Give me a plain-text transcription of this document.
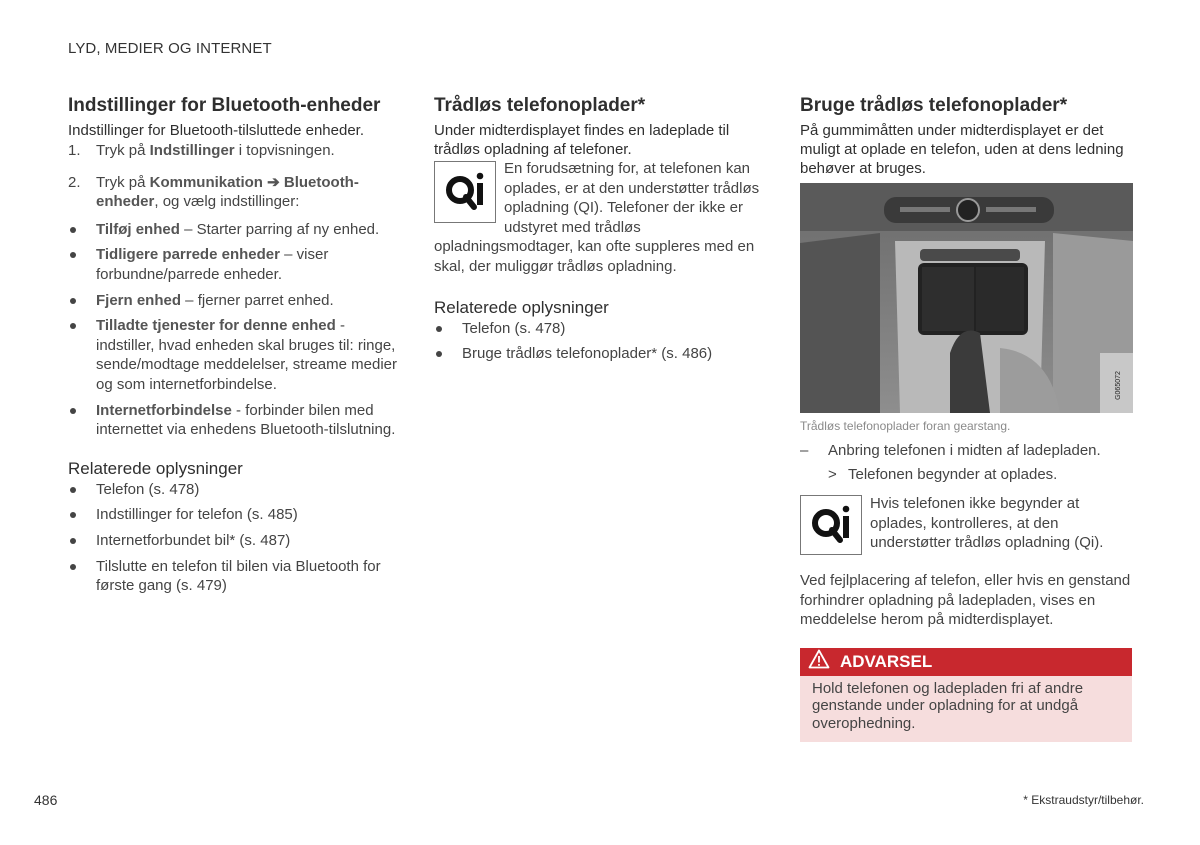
LYD, MEDIER OG INTERNET
Indstillinger for Bluetooth-enheder

Indstillinger for Bluetooth-tilsluttede enheder.

1. Tryk på Indstillinger i topvisningen.
2. Tryk på Kommunikation ➔ Bluetooth-enheder, og vælg indstillinger:
Tilføj enhed – Starter parring af ny enhed.
Tidligere parrede enheder – viser forbundne/parrede enheder.
Fjern enhed – fjerner parret enhed.
Tilladte tjenester for denne enhed - indstiller, hvad enheden skal bruges til: ringe, sende/modtage meddelelser, streame medier og som internetforbindelse.
Internetforbindelse - forbinder bilen med internettet via enhedens Bluetooth-tilslutning.
Relaterede oplysninger
Telefon (s. 478)
Indstillinger for telefon (s. 485)
Internetforbundet bil* (s. 487)
Tilslutte en telefon til bilen via Bluetooth for første gang (s. 479)
Trådløs telefonoplader*

Under midterdisplayet findes en ladeplade til trådløs opladning af telefoner.

En forudsætning for, at telefonen kan oplades, er at den understøtter trådløs opladning (QI). Telefoner der ikke er udstyret med trådløs opladningsmodtager, kan ofte suppleres med en skal, der muliggør trådløs opladning.

Relaterede oplysninger
Telefon (s. 478)
Bruge trådløs telefonoplader* (s. 486)
Bruge trådløs telefonoplader*

På gummimåtten under midterdisplayet er det muligt at oplade en telefon, uden at dens ledning behøver at bruges.

G065072
Trådløs telefonoplader foran gearstang.
– Anbring telefonen i midten af ladepladen.
> Telefonen begynder at oplades.

Hvis telefonen ikke begynder at oplades, kontrolleres, at den understøtter trådløs opladning (Qi).

Ved fejlplacering af telefon, eller hvis en genstand forhindrer opladning på ladepladen, vises en meddelelse herom på midterdisplayet.

ADVARSEL
Hold telefonen og ladepladen fri af andre genstande under opladning for at undgå overophedning.
486	* Ekstraudstyr/tilbehør.
